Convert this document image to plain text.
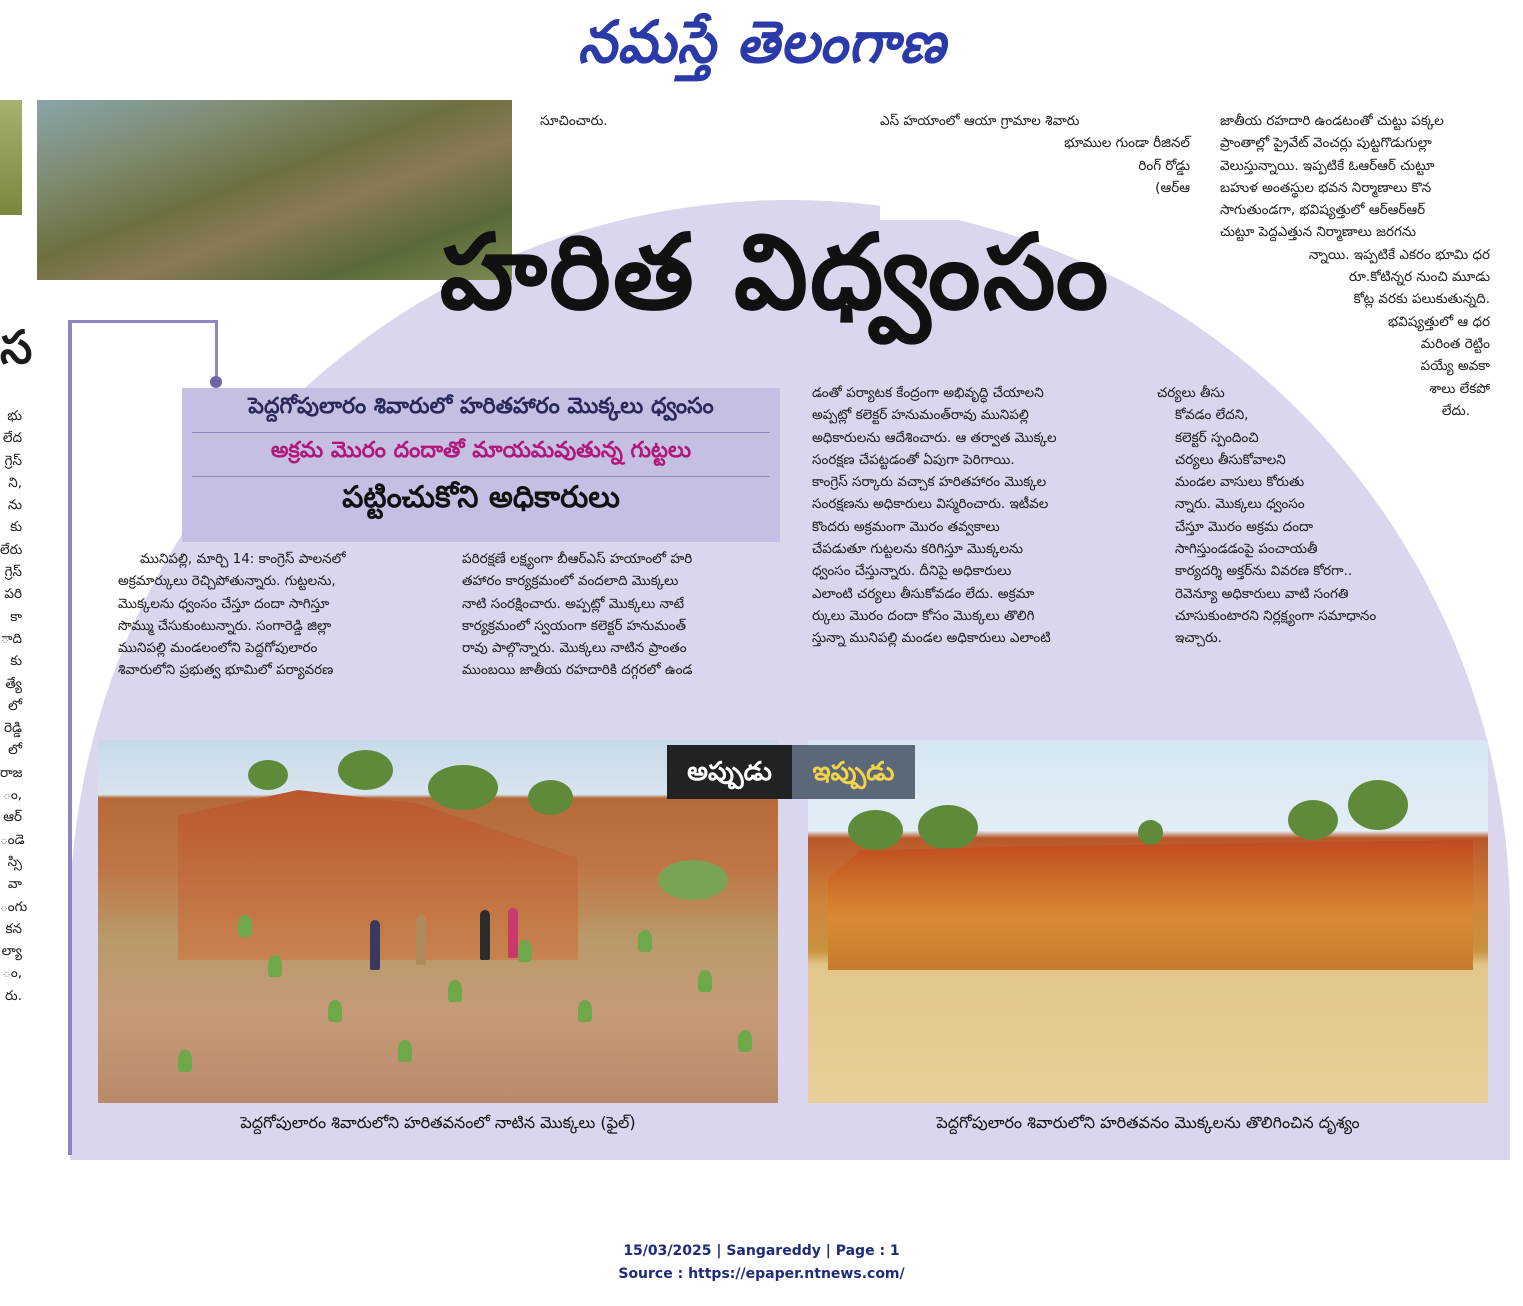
నమస్తే తెలంగాణ

సూచించారు.	ఎస్ హయాంలో ఆయా గ్రామాల శివారు

భూముల గుండా రీజినల్

రింగ్ రోడ్డు

(ఆర్ఆ

జాతీయ రహదారి ఉండటంతో చుట్టు పక్కల

ప్రాంతాల్లో ప్రైవేట్ వెంచర్లు పుట్టగొడుగుల్లా

వెలుస్తున్నాయి. ఇప్పటికే ఓఆర్ఆర్ చుట్టూ

బహుళ అంతస్థుల భవన నిర్మాణాలు కొన

సాగుతుండగా, భవిష్యత్తులో ఆర్ఆర్ఆర్

చుట్టూ పెద్దఎత్తున నిర్మాణాలు జరగను

న్నాయి. ఇప్పటికే ఎకరం భూమి ధర

రూ.కోటిన్నర నుంచి మూడు

కోట్ల వరకు పలుకుతున్నది.

భవిష్యత్తులో ఆ ధర

మరింత రెట్టిం

పయ్యే అవకా

శాలు లేకపో

లేదు.

హరిత విధ్వంసం
స
భు
లేద
గ్రెస్
ని,
ను
కు
లేరు
గ్రెస్
పరి
కా
ాది
కు
త్యే
లో
రెడ్డి
లో
రాజ
ం,
ఆర్
ండె
స్సి
వా
ంగు
కన
ల్యా
ం,
రు.
పెద్దగోపులారం శివారులో హరితహారం మొక్కలు ధ్వంసం
అక్రమ మొరం దందాతో మాయమవుతున్న గుట్టలు
పట్టించుకోని అధికారులు

మునిపల్లి, మార్చి 14: కాంగ్రెస్ పాలనలో

అక్రమార్కులు రెచ్చిపోతున్నారు. గుట్టలను,

మొక్కలను ధ్వంసం చేస్తూ దందా సాగిస్తూ

సొమ్ము చేసుకుంటున్నారు. సంగారెడ్డి జిల్లా

మునిపల్లి మండలంలోని పెద్దగోపులారం

శివారులోని ప్రభుత్వ భూమిలో పర్యావరణ

పరిరక్షణే లక్ష్యంగా బీఆర్ఎస్ హయాంలో హరి

తహారం కార్యక్రమంలో వందలాది మొక్కలు

నాటి సంరక్షించారు. అప్పట్లో మొక్కలు నాటే

కార్యక్రమంలో స్వయంగా కలెక్టర్ హనుమంత్

రావు పాల్గొన్నారు. మొక్కలు నాటిన ప్రాంతం

ముంబయి జాతీయ రహదారికి దగ్గరలో ఉండ

డంతో పర్యాటక కేంద్రంగా అభివృద్ధి చేయాలని

అప్పట్లో కలెక్టర్ హనుమంత్‌రావు మునిపల్లి

అధికారులను ఆదేశించారు. ఆ తర్వాత మొక్కల

సంరక్షణ చేపట్టడంతో ఏపుగా పెరిగాయి.

కాంగ్రెస్ సర్కారు వచ్చాక హరితహారం మొక్కల

సంరక్షణను అధికారులు విస్మరించారు. ఇటీవల

కొందరు అక్రమంగా మొరం తవ్వకాలు

చేపడుతూ గుట్టలను కరిగిస్తూ మొక్కలను

ధ్వంసం చేస్తున్నారు. దీనిపై అధికారులు

ఎలాంటి చర్యలు తీసుకోవడం లేదు. అక్రమా

ర్కులు మొరం దందా కోసం మొక్కలు తొలిగి

స్తున్నా మునిపల్లి మండల అధికారులు ఎలాంటి

చర్యలు తీసు

కోవడం లేదని,

కలెక్టర్ స్పందించి

చర్యలు తీసుకోవాలని

మండల వాసులు కోరుతు

న్నారు. మొక్కలు ధ్వంసం

చేస్తూ మొరం అక్రమ దందా

సాగిస్తుండడంపై పంచాయతీ

కార్యదర్శి అక్తర్‌ను వివరణ కోరగా..

రెవెన్యూ అధికారులు వాటి సంగతి

చూసుకుంటారని నిర్లక్ష్యంగా సమాధానం

ఇచ్చారు.

అప్పుడు	ఇప్పుడు
పెద్దగోపులారం శివారులోని హరితవనంలో నాటిన మొక్కలు (ఫైల్)	పెద్దగోపులారం శివారులోని హరితవనం మొక్కలను తొలిగించిన దృశ్యం
15/03/2025 | Sangareddy | Page : 1
Source : https://epaper.ntnews.com/
